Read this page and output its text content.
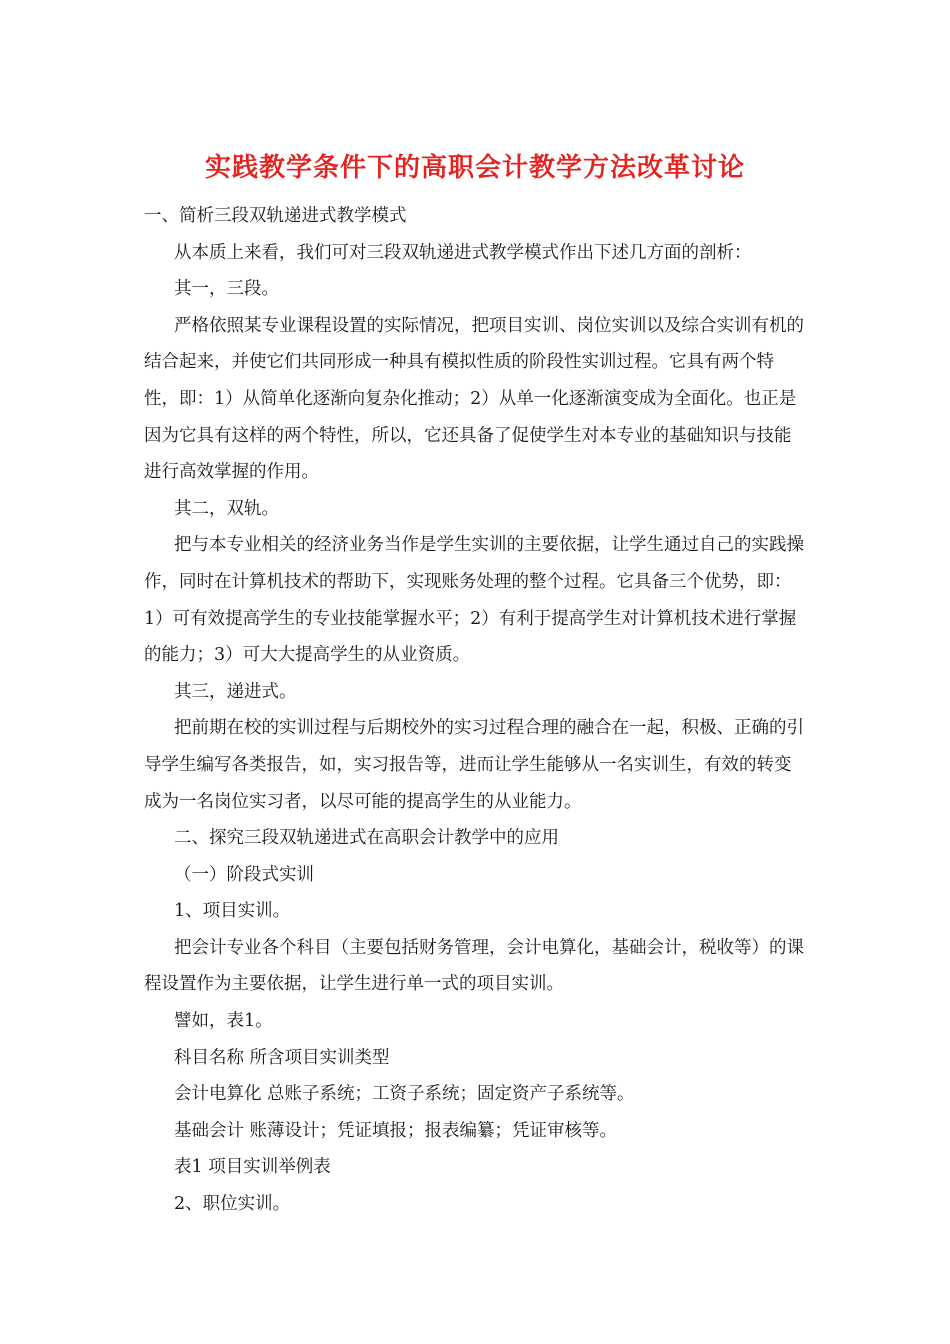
实践教学条件下的高职会计教学方法改革讨论

一、简析三段双轨递进式教学模式

从本质上来看，我们可对三段双轨递进式教学模式作出下述几方面的剖析：

其一，三段。

严格依照某专业课程设置的实际情况，把项目实训、岗位实训以及综合实训有机的结合起来，并使它们共同形成一种具有模拟性质的阶段性实训过程。它具有两个特性，即：1）从简单化逐渐向复杂化推动；2）从单一化逐渐演变成为全面化。也正是因为它具有这样的两个特性，所以，它还具备了促使学生对本专业的基础知识与技能进行高效掌握的作用。

其二，双轨。

把与本专业相关的经济业务当作是学生实训的主要依据，让学生通过自己的实践操作，同时在计算机技术的帮助下，实现账务处理的整个过程。它具备三个优势，即：1）可有效提高学生的专业技能掌握水平；2）有利于提高学生对计算机技术进行掌握的能力；3）可大大提高学生的从业资质。

其三，递进式。

把前期在校的实训过程与后期校外的实习过程合理的融合在一起，积极、正确的引导学生编写各类报告，如，实习报告等，进而让学生能够从一名实训生，有效的转变成为一名岗位实习者，以尽可能的提高学生的从业能力。

二、探究三段双轨递进式在高职会计教学中的应用

（一）阶段式实训

1、项目实训。

把会计专业各个科目（主要包括财务管理，会计电算化，基础会计，税收等）的课程设置作为主要依据，让学生进行单一式的项目实训。

譬如，表1。

科目名称 所含项目实训类型

会计电算化 总账子系统；工资子系统；固定资产子系统等。

基础会计 账薄设计；凭证填报；报表编纂；凭证审核等。

表1 项目实训举例表

2、职位实训。
